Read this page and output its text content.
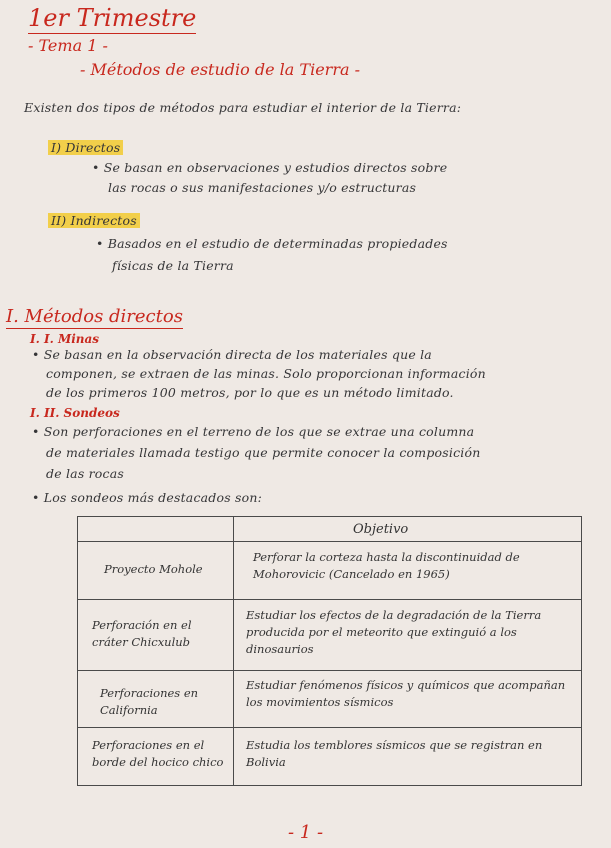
1er Trimestre
- Tema 1 -
- Métodos de estudio de la Tierra -
Existen dos tipos de métodos para estudiar el interior de la Tierra:
I) Directos
• Se basan en observaciones y estudios directos sobre
las rocas o sus manifestaciones y/o estructuras
II) Indirectos
• Basados en el estudio de determinadas propiedades
físicas de la Tierra
I. Métodos directos
I. I. Minas
• Se basan en la observación directa de los materiales que la
componen, se extraen de las minas. Solo proporcionan información
de los primeros 100 metros, por lo que es un método limitado.
I. II. Sondeos
• Son perforaciones en el terreno de los que se extrae una columna
de materiales llamada testigo que permite conocer la composición
de las rocas
• Los sondeos más destacados son:
Objetivo
Proyecto Mohole
Perforar la corteza hasta la discontinuidad de Mohorovicic (Cancelado en 1965)
Perforación en el cráter Chicxulub
Estudiar los efectos de la degradación de la Tierra producida por el meteorito que extinguió a los dinosaurios
Perforaciones en California
Estudiar fenómenos físicos y químicos que acompañan los movimientos sísmicos
Perforaciones en el borde del hocico chico
Estudia los temblores sísmicos que se registran en Bolivia
- 1 -
